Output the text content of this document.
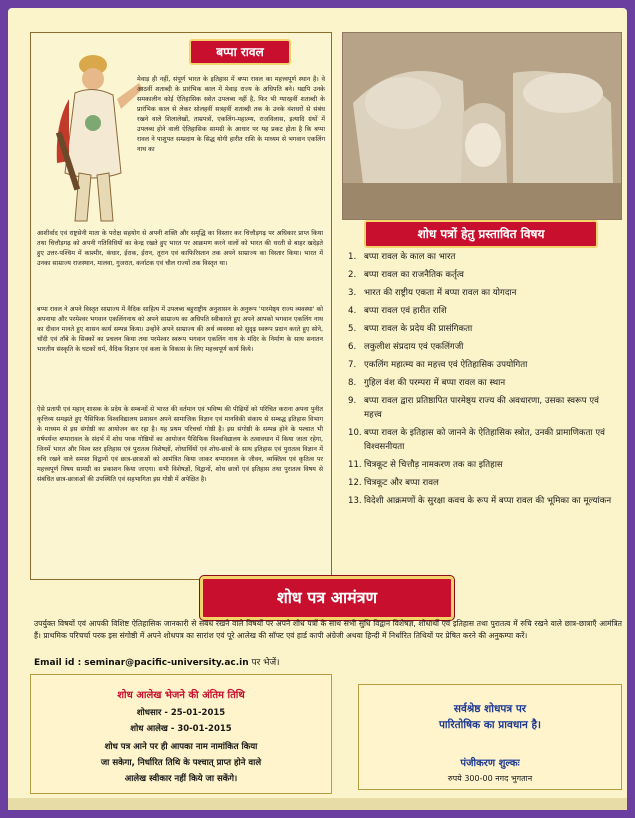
बप्पा रावल
मेवाड़ ही नहीं, संपूर्ण भारत के इतिहास में बप्पा रावल का महत्त्वपूर्ण स्थान है। वे आठवीं शताब्दी के प्रारंभिक काल में मेवाड़ राज्य के अधिपति बने। यद्यपि उनके समकालीन कोई ऐतिहासिक स्त्रोत उपलब्ध नहीं है, फिर भी ग्यारहवीं शताब्दी के प्रारंभिक काल से लेकर सोलहवीं सत्रहवीं शताब्दी तक के उनके वंशधरों से संबंध रखने वाले शिलालेखों, ताम्रपत्रों, एकलिंग-महात्म्य, राजविलास, इत्यादि ग्रंथों में उपलब्ध होने वाली ऐतिहासिक सामग्री के आधार पर यह प्रकट होता है कि बप्पा रावल ने पाशुपत सम्प्रदाय के सिद्ध योगी हारीत राशि के माध्यम से भगवान एकलिंग नाथ का
आशीर्वाद एवं राष्ट्रसेनी माता के परोक्ष सहयोग से अपनी शक्ति और समृद्धि का विस्तार कर चित्तौड़गढ़ पर अधिकार प्राप्त किया तथा चित्तौड़गढ़ को अपनी गतिविधियों का केन्द्र रखते हुए भारत पर आक्रमण करने वालों को भारत की धरती से बाहर खदेड़ते हुए उत्तर-पश्चिम में काश्मीर, कंधार, ईराक, ईरान, तूरान एवं काफिरिस्तान तक अपने साम्राज्य का विस्तार किया। भारत में उनका साम्राज्य राजस्थान, मालवा, गुजरात, कर्नाटक एवं चौल राज्यों तक विस्तृत था।
बप्पा रावल ने अपने विस्तृत साम्राज्य में वैदिक साहित्य में उपलब्ध बहुराष्ट्रीय अनुशासन के अनुरूप 'पारमेष्ठ्य राज्य व्यवस्था' को अपनाया और परमेश्वर भगवान एकलिंगनाथ को अपने साम्राज्य का अधिपति स्वीकारते हुए अपने आपको भगवान एकलिंग नाथ का दीवान मानते हुए शासन कार्य सम्पन्न किया। उन्होंने अपने साम्राज्य की अर्थ व्यवस्था को सुदृढ़ स्वरूप प्रदान करते हुए सोने, चाँदी एवं ताँबे के सिक्कों का प्रचलन किया तथा परमेश्वर स्वरूप भगवान एकलिंग नाथ के मंदिर के निर्माण के साथ सनातन भारतीय संस्कृति के घटकों धर्म, वैदिक विज्ञान एवं कला के विकास के लिए महत्त्वपूर्ण कार्य किये।
ऐसे प्रतापी एवं महान् शासक के प्रदेय के सम्बन्धों से भारत की वर्तमान एवं भविष्य की पीढ़ियों को परिचित कराना अपना पुनीत कृत्तिव्य समझते हुए पैसिफिक विश्वविद्यालय प्रशासन अपने सामाजिक विज्ञान एवं मानविकी संकाय से सम्बद्ध इतिहास विभाग के माध्यम से इस संगोष्ठी का आयोजन कर रहा है। यह प्रथम परिचर्चा गोष्ठी है। इस संगोष्ठी के सम्पन्न होने के पश्चात भी वर्षपर्यन्त बप्पारावल के संदर्भ में शोध परक गोष्ठियों का आयोजन पैसिफिक विश्वविद्यालय के तत्वावधान में किया जाता रहेगा, जिनमें भारत और विश्व स्तर इतिहास एवं पुरातत्व विशेषज्ञों, शोधार्थियों एवं शोध-छात्रों के साथ इतिहास एवं पुरातत्व विज्ञान में रुचि रखने वाले समस्त विद्वानों एवं छात्र-छात्राओं को आमंत्रित किया जाकर बप्पारावल के जीवन, व्यक्तित्व एवं कृतित्व पर महत्त्वपूर्ण विषय सामग्री का प्रकाशन किया जाएगा। सभी विशेषज्ञों, विद्वानों, शोध छात्रों एवं इतिहास तथा पुरातत्व विषय से संबंधित छात्र-छात्राओं की उपस्थिति एवं सहभागिता इस गोष्ठी में अपेक्षित है।
शोध पत्रों हेतु प्रस्तावित विषय
1. बप्पा रावल के काल का भारत
2. बप्पा रावल का राजनैतिक कर्तृत्व
3. भारत की राष्ट्रीय एकता में बप्पा रावल का योगदान
4. बप्पा रावल एवं हारीत राशि
5. बप्पा रावल के प्रदेय की प्रासंगिकता
6. लकुलीश संप्रदाय एवं एकलिंगजी
7. एकलिंग महात्म्य का महत्त्व एवं ऐतिहासिक उपयोगिता
8. गुहिल वंश की परम्परा में बप्पा रावल का स्थान
9. बप्पा रावल द्वारा प्रतिष्ठापित पारमेष्ठ्य राज्य की अवधारणा, उसका स्वरूप एवं महत्त्व
10. बप्पा रावल के इतिहास को जानने के ऐतिहासिक स्त्रोत, उनकी प्रामाणिकता एवं विश्वसनीयता
11. चित्रकूट से चित्तौड़ नामकरण तक का इतिहास
12. चित्रकूट और बप्पा रावल
13. विदेशी आक्रमणों के सुरक्षा कवच के रूप में बप्पा रावल की भूमिका का मूल्यांकन
शोध पत्र आमंत्रण
उपर्युक्त विषयों एवं आपकी विशिष्ट ऐतिहासिक जानकारी से संबंध रखने वाले विषयों पर अपने शोध पत्रों के साथ सभी सुधि विद्वान विशेषज्ञ, शोधार्थी एवं इतिहास तथा पुरातत्व में रुचि रखने वाले छात्र-छात्राएँ आमंत्रित हैं। प्राथमिक परिचर्चा परक इस संगोष्ठी में अपने शोधपत्र का सारांश एवं पूरे आलेख की सॉफ्ट एवं हार्ड कापी अंग्रेजी अथवा हिन्दी में निर्धारित तिथियों पर प्रेषित करने की अनुकम्पा करें।
Email id : seminar@pacific-university.ac.in पर भेजें।
शोध आलेख भेजने की अंतिम तिथि
शोधसार - 25-01-2015
शोध आलेख - 30-01-2015
शोध पत्र आने पर ही आपका नाम नामांकित किया
जा सकेगा, निर्धारित तिथि के पश्चात् प्राप्त होने वाले
आलेख स्वीकार नहीं किये जा सकेंगे।
सर्वश्रेष्ठ शोधपत्र पर
पारितोषिक का प्रावधान है।
पंजीकरण शुल्कः
रुपये 300-00 नगद भुगतान
